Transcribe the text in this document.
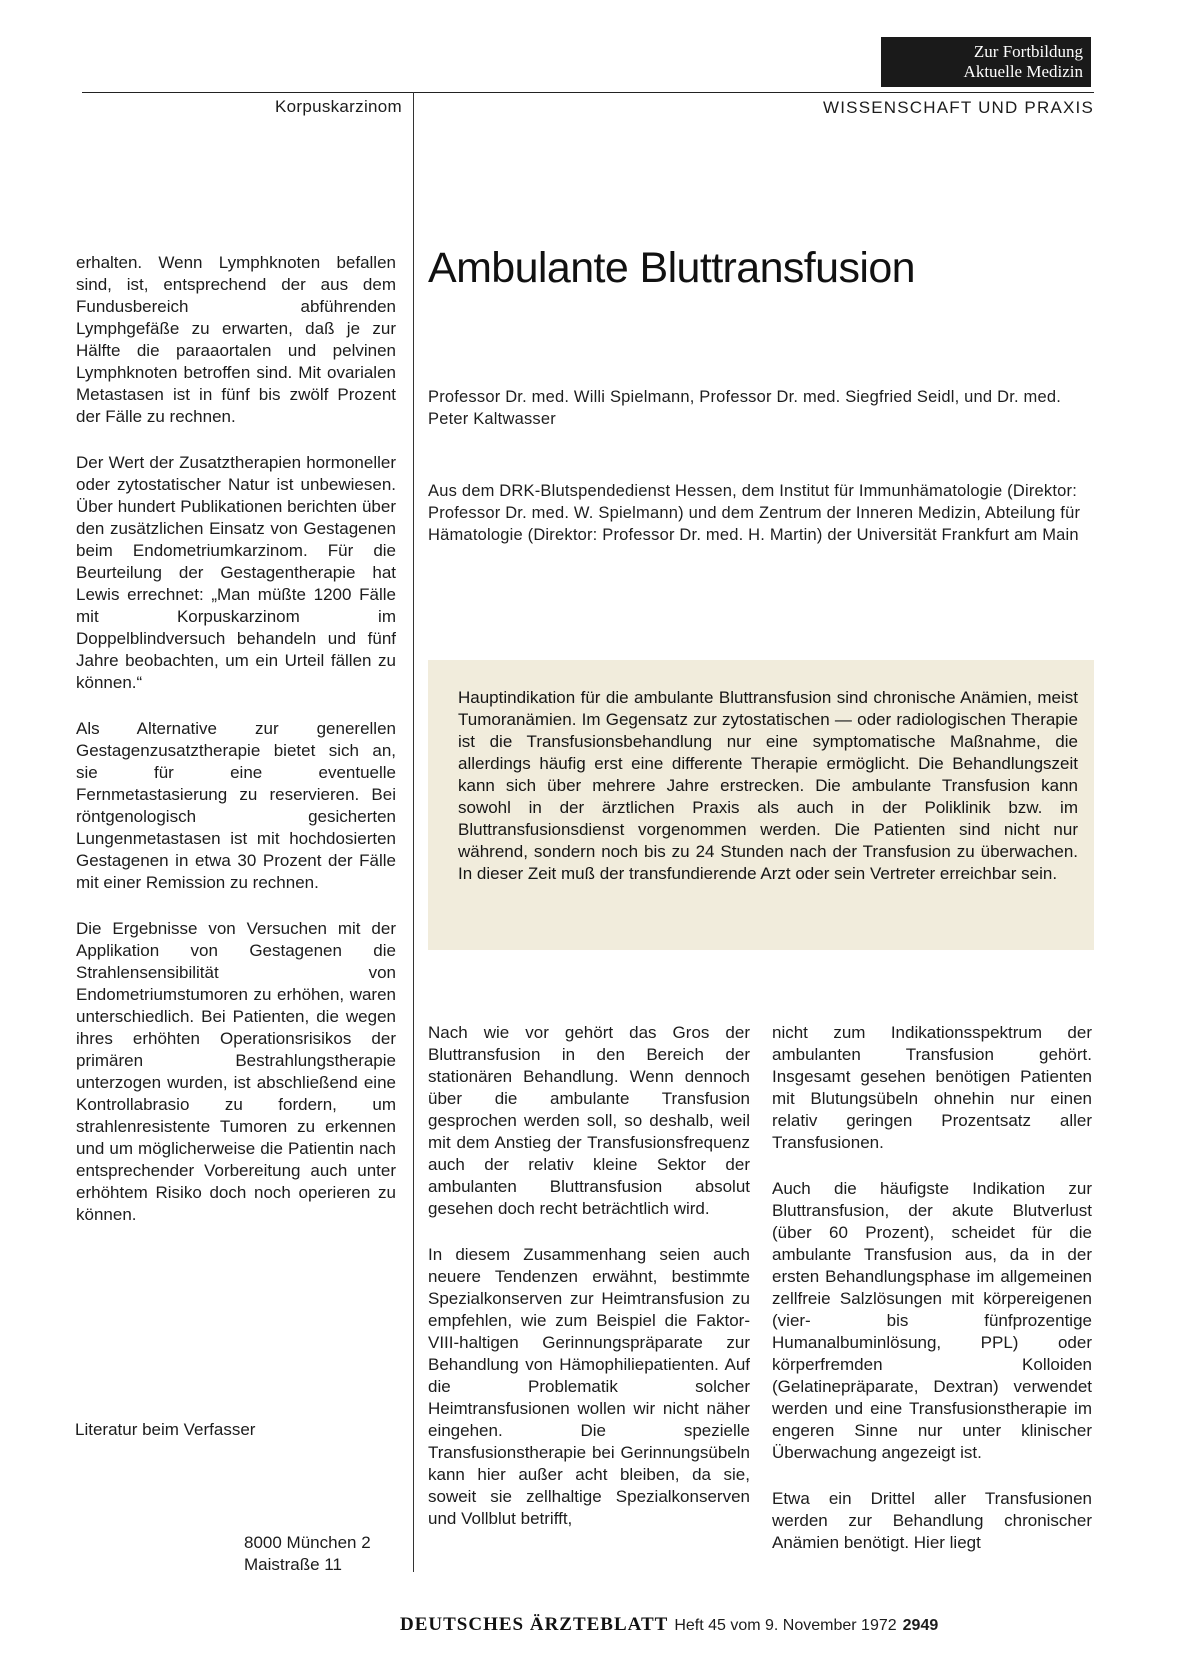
Zur Fortbildung
Aktuelle Medizin
Korpuskarzinom	WISSENSCHAFT UND PRAXIS
Ambulante Bluttransfusion
Professor Dr. med. Willi Spielmann, Professor Dr. med. Siegfried Seidl, und Dr. med. Peter Kaltwasser
Aus dem DRK-Blutspendedienst Hessen, dem Institut für Immunhämatologie (Direktor: Professor Dr. med. W. Spielmann) und dem Zentrum der Inneren Medizin, Abteilung für Hämatologie (Direktor: Professor Dr. med. H. Martin) der Universität Frankfurt am Main
Hauptindikation für die ambulante Bluttransfusion sind chronische Anämien, meist Tumoranämien. Im Gegensatz zur zytostatischen — oder radiologischen Therapie ist die Transfusionsbehandlung nur eine symptomatische Maßnahme, die allerdings häufig erst eine differente Therapie ermöglicht. Die Behandlungszeit kann sich über mehrere Jahre erstrecken. Die ambulante Transfusion kann sowohl in der ärztlichen Praxis als auch in der Poliklinik bzw. im Bluttransfusionsdienst vorgenommen werden. Die Patienten sind nicht nur während, sondern noch bis zu 24 Stunden nach der Transfusion zu überwachen. In dieser Zeit muß der transfundierende Arzt oder sein Vertreter erreichbar sein.

erhalten. Wenn Lymphknoten befallen sind, ist, entsprechend der aus dem Fundusbereich abführenden Lymphgefäße zu erwarten, daß je zur Hälfte die paraaortalen und pelvinen Lymphknoten betroffen sind. Mit ovarialen Metastasen ist in fünf bis zwölf Prozent der Fälle zu rechnen.

Der Wert der Zusatztherapien hormoneller oder zytostatischer Natur ist unbewiesen. Über hundert Publikationen berichten über den zusätzlichen Einsatz von Gestagenen beim Endometriumkarzinom. Für die Beurteilung der Gestagentherapie hat Lewis errechnet: „Man müßte 1200 Fälle mit Korpuskarzinom im Doppelblindversuch behandeln und fünf Jahre beobachten, um ein Urteil fällen zu können.“

Als Alternative zur generellen Gestagenzusatztherapie bietet sich an, sie für eine eventuelle Fernmetastasierung zu reservieren. Bei röntgenologisch gesicherten Lungenmetastasen ist mit hochdosierten Gestagenen in etwa 30 Prozent der Fälle mit einer Remission zu rechnen.

Die Ergebnisse von Versuchen mit der Applikation von Gestagenen die Strahlensensibilität von Endometriumstumoren zu erhöhen, waren unterschiedlich. Bei Patienten, die wegen ihres erhöhten Operationsrisikos der primären Bestrahlungstherapie unterzogen wurden, ist abschließend eine Kontrollabrasio zu fordern, um strahlenresistente Tumoren zu erkennen und um möglicherweise die Patientin nach entsprechender Vorbereitung auch unter erhöhtem Risiko doch noch operieren zu können.

Literatur beim Verfasser
8000 München 2
Maistraße 11

Nach wie vor gehört das Gros der Bluttransfusion in den Bereich der stationären Behandlung. Wenn dennoch über die ambulante Transfusion gesprochen werden soll, so deshalb, weil mit dem Anstieg der Transfusionsfrequenz auch der relativ kleine Sektor der ambulanten Bluttransfusion absolut gesehen doch recht beträchtlich wird.

In diesem Zusammenhang seien auch neuere Tendenzen erwähnt, bestimmte Spezialkonserven zur Heimtransfusion zu empfehlen, wie zum Beispiel die Faktor-VIII-haltigen Gerinnungspräparate zur Behandlung von Hämophiliepatienten. Auf die Problematik solcher Heimtransfusionen wollen wir nicht näher eingehen. Die spezielle Transfusionstherapie bei Gerinnungsübeln kann hier außer acht bleiben, da sie, soweit sie zellhaltige Spezialkonserven und Vollblut betrifft,

nicht zum Indikationsspektrum der ambulanten Transfusion gehört. Insgesamt gesehen benötigen Patienten mit Blutungsübeln ohnehin nur einen relativ geringen Prozentsatz aller Transfusionen.

Auch die häufigste Indikation zur Bluttransfusion, der akute Blutverlust (über 60 Prozent), scheidet für die ambulante Transfusion aus, da in der ersten Behandlungsphase im allgemeinen zellfreie Salzlösungen mit körpereigenen (vier- bis fünfprozentige Humanalbuminlösung, PPL) oder körperfremden Kolloiden (Gelatinepräparate, Dextran) verwendet werden und eine Transfusionstherapie im engeren Sinne nur unter klinischer Überwachung angezeigt ist.

Etwa ein Drittel aller Transfusionen werden zur Behandlung chronischer Anämien benötigt. Hier liegt

DEUTSCHES ÄRZTEBLATT Heft 45 vom 9. November 1972 2949
